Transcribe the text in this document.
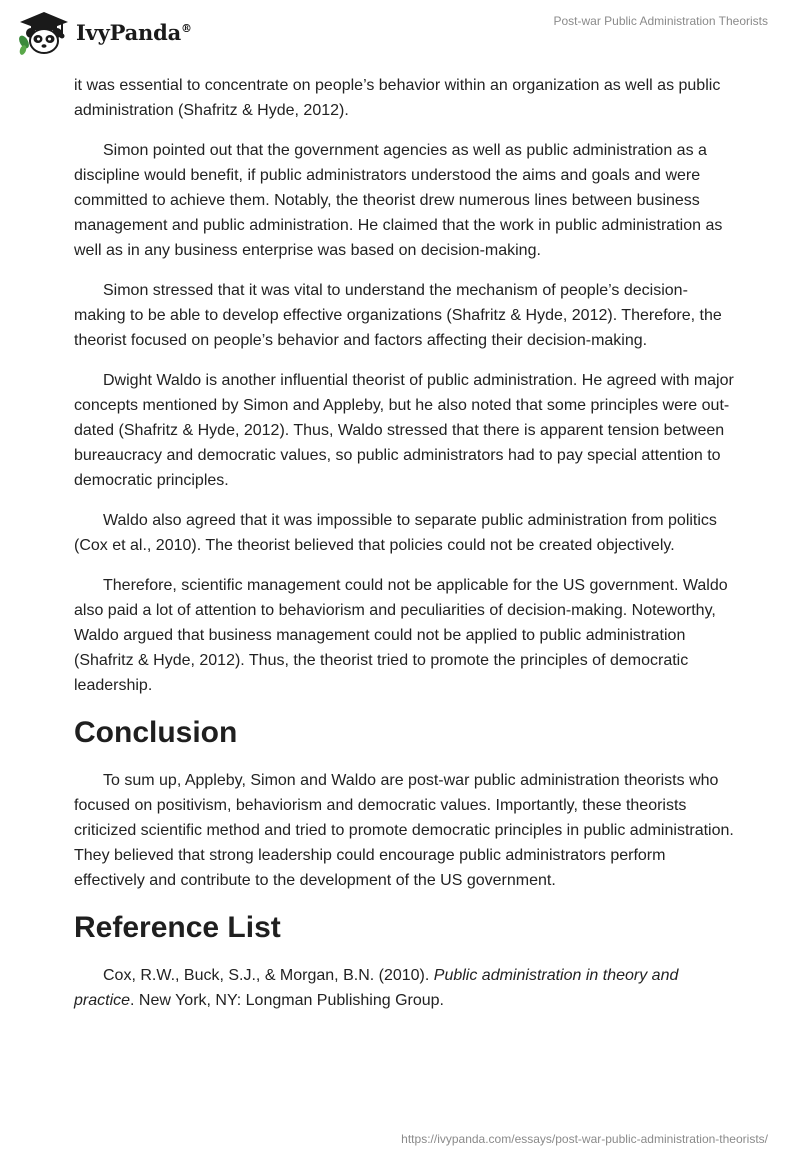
IvyPanda®	Post-war Public Administration Theorists

it was essential to concentrate on people’s behavior within an organization as well as public administration (Shafritz & Hyde, 2012).

Simon pointed out that the government agencies as well as public administration as a discipline would benefit, if public administrators understood the aims and goals and were committed to achieve them. Notably, the theorist drew numerous lines between business management and public administration. He claimed that the work in public administration as well as in any business enterprise was based on decision-making.

Simon stressed that it was vital to understand the mechanism of people’s decision-making to be able to develop effective organizations (Shafritz & Hyde, 2012). Therefore, the theorist focused on people’s behavior and factors affecting their decision-making.

Dwight Waldo is another influential theorist of public administration. He agreed with major concepts mentioned by Simon and Appleby, but he also noted that some principles were out-dated (Shafritz & Hyde, 2012). Thus, Waldo stressed that there is apparent tension between bureaucracy and democratic values, so public administrators had to pay special attention to democratic principles.

Waldo also agreed that it was impossible to separate public administration from politics (Cox et al., 2010). The theorist believed that policies could not be created objectively.

Therefore, scientific management could not be applicable for the US government. Waldo also paid a lot of attention to behaviorism and peculiarities of decision-making. Noteworthy, Waldo argued that business management could not be applied to public administration (Shafritz & Hyde, 2012). Thus, the theorist tried to promote the principles of democratic leadership.

Conclusion

To sum up, Appleby, Simon and Waldo are post-war public administration theorists who focused on positivism, behaviorism and democratic values. Importantly, these theorists criticized scientific method and tried to promote democratic principles in public administration. They believed that strong leadership could encourage public administrators perform effectively and contribute to the development of the US government.

Reference List

Cox, R.W., Buck, S.J., & Morgan, B.N. (2010). Public administration in theory and practice. New York, NY: Longman Publishing Group.

https://ivypanda.com/essays/post-war-public-administration-theorists/
